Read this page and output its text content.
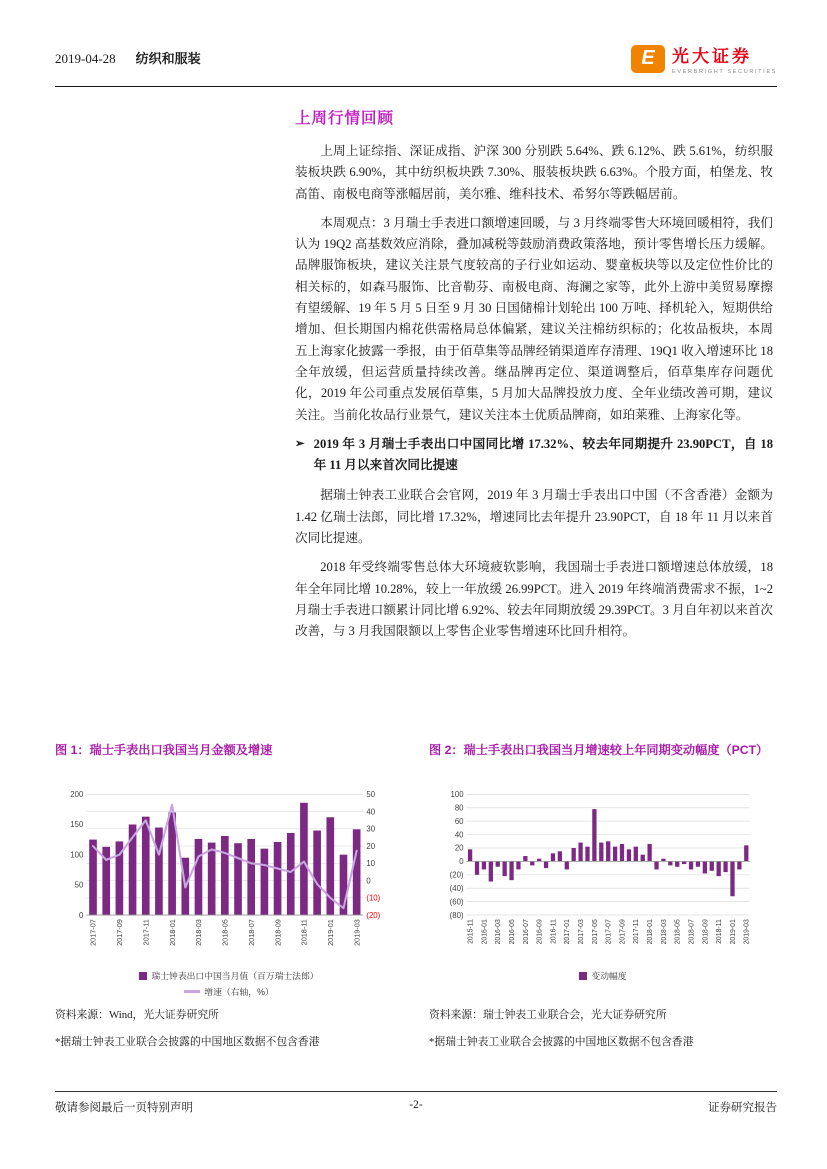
2019-04-28 纺织和服装	E	光大证券
EVERBRIGHT SECURITIES
上周行情回顾

上周上证综指、深证成指、沪深 300 分别跌 5.64%、跌 6.12%、跌 5.61%，纺织服装板块跌 6.90%，其中纺织板块跌 7.30%、服装板块跌 6.63%。个股方面，柏堡龙、牧高笛、南极电商等涨幅居前，美尔雅、维科技术、希努尔等跌幅居前。

本周观点：3 月瑞士手表进口额增速回暖，与 3 月终端零售大环境回暖相符，我们认为 19Q2 高基数效应消除，叠加减税等鼓励消费政策落地，预计零售增长压力缓解。品牌服饰板块，建议关注景气度较高的子行业如运动、婴童板块等以及定位性价比的相关标的，如森马服饰、比音勒芬、南极电商、海澜之家等，此外上游中美贸易摩擦有望缓解、19 年 5 月 5 日至 9 月 30 日国储棉计划轮出 100 万吨、择机轮入，短期供给增加、但长期国内棉花供需格局总体偏紧，建议关注棉纺织标的；化妆品板块，本周五上海家化披露一季报，由于佰草集等品牌经销渠道库存清理、19Q1 收入增速环比 18 全年放缓，但运营质量持续改善。继品牌再定位、渠道调整后，佰草集库存问题优化，2019 年公司重点发展佰草集，5 月加大品牌投放力度、全年业绩改善可期，建议关注。当前化妆品行业景气，建议关注本土优质品牌商，如珀莱雅、上海家化等。

➢ 2019 年 3 月瑞士手表出口中国同比增 17.32%、较去年同期提升 23.90PCT，自 18 年 11 月以来首次同比提速

据瑞士钟表工业联合会官网，2019 年 3 月瑞士手表出口中国（不含香港）金额为 1.42 亿瑞士法郎，同比增 17.32%，增速同比去年提升 23.90PCT，自 18 年 11 月以来首次同比提速。

2018 年受终端零售总体大环境疲软影响，我国瑞士手表进口额增速总体放缓，18 年全年同比增 10.28%，较上一年放缓 26.99PCT。进入 2019 年终端消费需求不振，1~2 月瑞士手表进口额累计同比增 6.92%、较去年同期放缓 29.39PCT。3 月自年初以来首次改善，与 3 月我国限额以上零售企业零售增速环比回升相符。

图 1：瑞士手表出口我国当月金额及增速
50
40
30
20
10
0
(10)
(20)
0
50
100
150
200
2017-07 2017-09 2017-11 2018-01 2018-03 2018-05 2018-07 2018-09 2018-11 2019-01 2019-03
瑞士钟表出口中国当月值（百万瑞士法郎）
增速（右轴，%）
资料来源：Wind，光大证券研究所
*据瑞士钟表工业联合会披露的中国地区数据不包含香港
图 2：瑞士手表出口我国当月增速较上年同期变动幅度（PCT）
100
80
60
40
20
0
(20)
(40)
(60)
(80)
2015-11 2016-01 2016-03 2016-05 2016-07 2016-09 2016-11 2017-01 2017-03 2017-05 2017-07 2017-09 2017-11 2018-01 2018-03 2018-05 2018-07 2018-09 2018-11 2019-01 2019-03
变动幅度
资料来源：瑞士钟表工业联合会，光大证券研究所
*据瑞士钟表工业联合会披露的中国地区数据不包含香港
敬请参阅最后一页特别声明	-2-	证券研究报告
